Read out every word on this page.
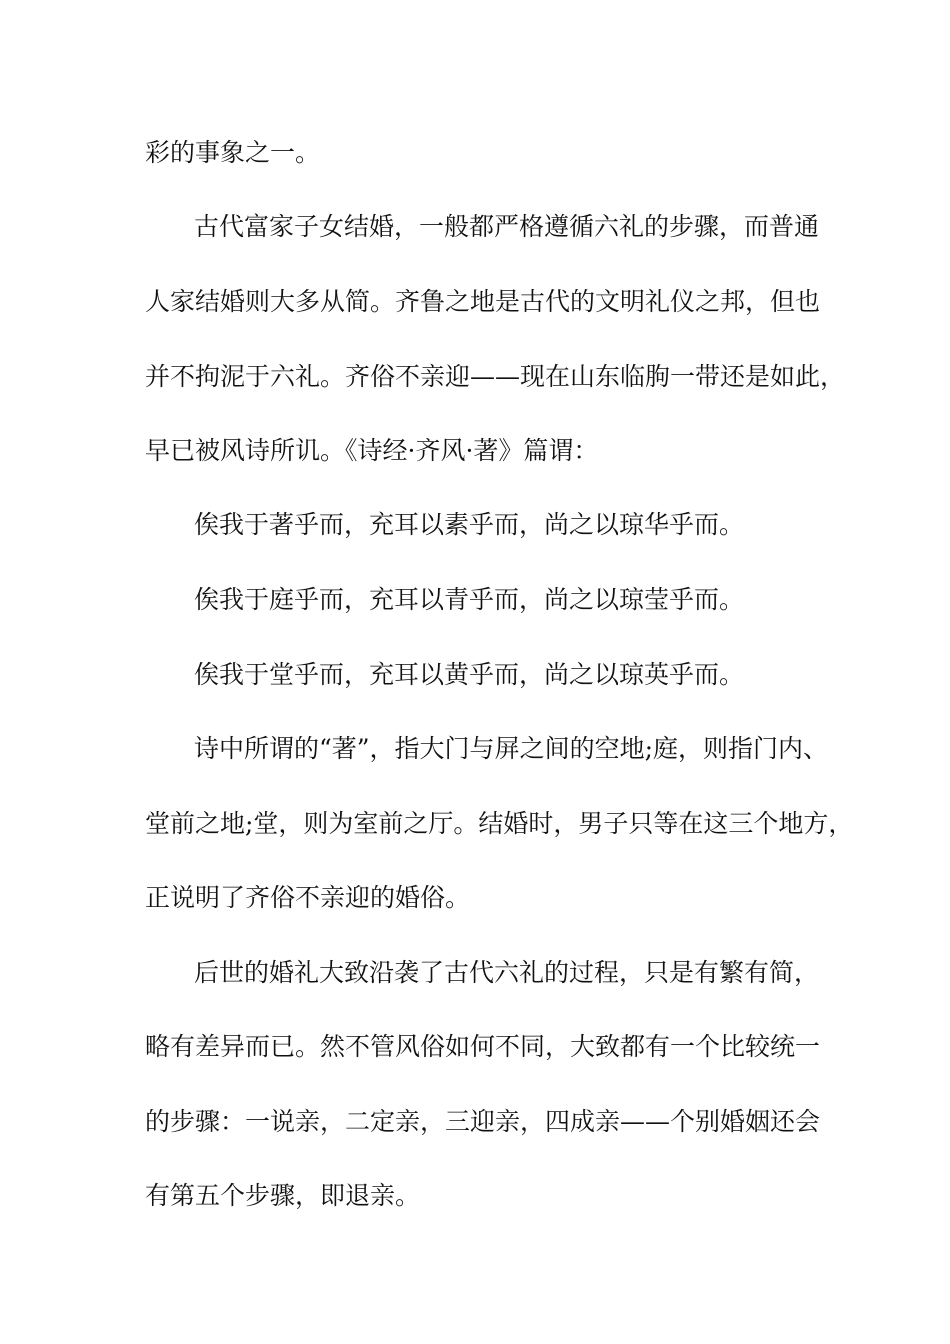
彩的事象之一。
古代富家子女结婚，一般都严格遵循六礼的步骤，而普通
人家结婚则大多从简。齐鲁之地是古代的文明礼仪之邦，但也
并不拘泥于六礼。齐俗不亲迎——现在山东临朐一带还是如此，
早已被风诗所讥。《诗经·齐风·著》篇谓：
俟我于著乎而，充耳以素乎而，尚之以琼华乎而。
俟我于庭乎而，充耳以青乎而，尚之以琼莹乎而。
俟我于堂乎而，充耳以黄乎而，尚之以琼英乎而。
诗中所谓的“著”，指大门与屏之间的空地;庭，则指门内、
堂前之地;堂，则为室前之厅。结婚时，男子只等在这三个地方，
正说明了齐俗不亲迎的婚俗。
后世的婚礼大致沿袭了古代六礼的过程，只是有繁有简，
略有差异而已。然不管风俗如何不同，大致都有一个比较统一
的步骤：一说亲，二定亲，三迎亲，四成亲——个别婚姻还会
有第五个步骤，即退亲。
